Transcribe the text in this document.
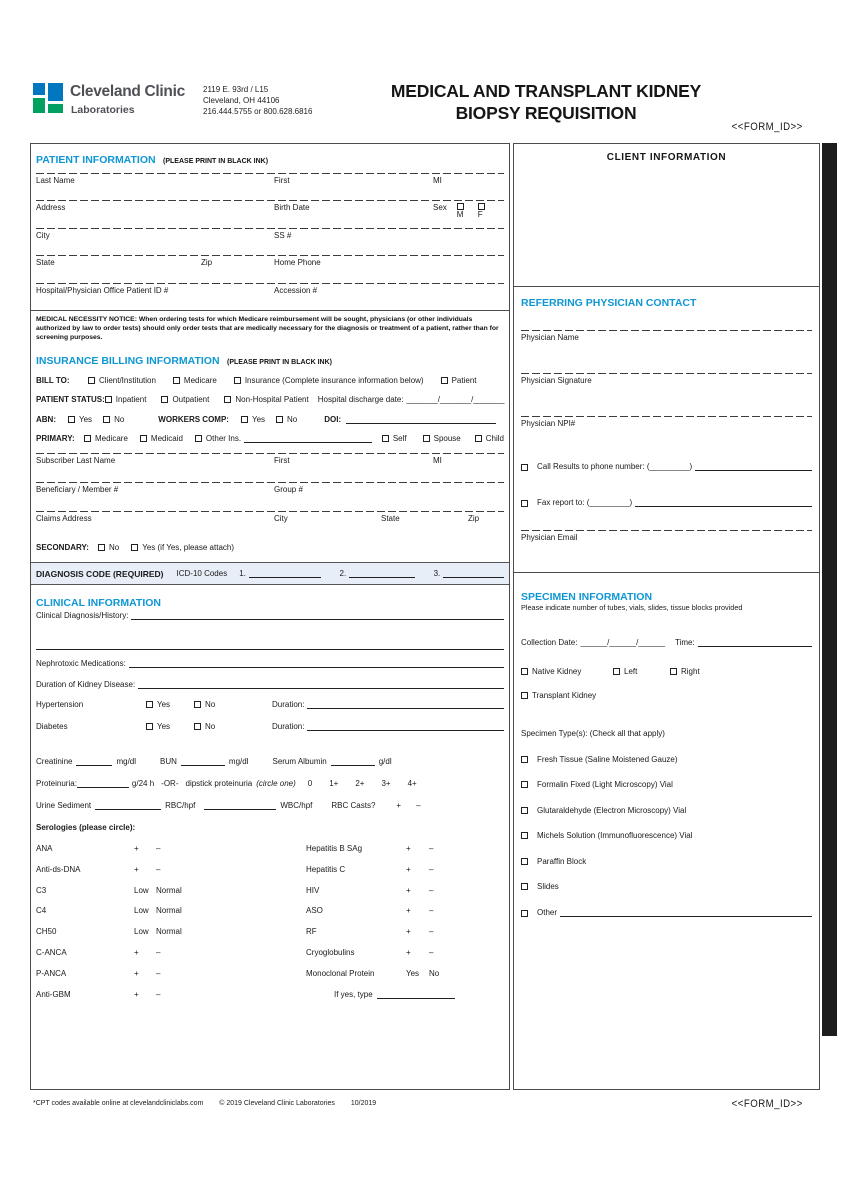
Cleveland Clinic
Laboratories
2119 E. 93rd / L15
Cleveland, OH 44106
216.444.5755 or 800.628.6816
MEDICAL AND TRANSPLANT KIDNEY
BIOPSY REQUISITION
<<FORM_ID>>
PATIENT INFORMATION (PLEASE PRINT IN BLACK INK)
Last Name	First	MI
Address	Birth Date	Sex
M	F
City	SS #
State	Zip	Home Phone
Hospital/Physician Office Patient ID #	Accession #
MEDICAL NECESSITY NOTICE: When ordering tests for which Medicare reimbursement will be sought, physicians (or other individuals authorized by law to order tests) should only order tests that are medically necessary for the diagnosis or treatment of a patient, rather than for screening purposes.
INSURANCE BILLING INFORMATION (PLEASE PRINT IN BLACK INK)
BILL TO:	Client/Institution	Medicare	Insurance (Complete insurance information below)	Patient
PATIENT STATUS:	Inpatient	Outpatient	Non-Hospital Patient Hospital discharge date: _______/_______/_______
ABN:	Yes	No	WORKERS COMP:	Yes	No	DOI:
PRIMARY:	Medicare	Medicaid	Other Ins.	Self	Spouse	Child
Subscriber Last Name	First	MI
Beneficiary / Member #	Group #
Claims Address	City	State	Zip
SECONDARY:	No	Yes (if Yes, please attach)
DIAGNOSIS CODE (REQUIRED) ICD-10 Codes 1.	2.	3.
CLINICAL INFORMATION
Clinical Diagnosis/History:
Nephrotoxic Medications:
Duration of Kidney Disease:
Hypertension	Yes	No	Duration:
Diabetes	Yes	No	Duration:
Creatinine	mg/dl	BUN	mg/dl	Serum Albumin	g/dl
Proteinuria:	g/24 h -OR- dipstick proteinuria (circle one) 0 1+ 2+ 3+ 4+
Urine Sediment	RBC/hpf	WBC/hpf RBC Casts?	+ –
Serologies (please circle):
ANA	+	–
Anti-ds-DNA	+	–
C3	Low Normal
C4	Low Normal
CH50	Low Normal
C-ANCA	+	–
P-ANCA	+	–
Anti-GBM	+	–
Hepatitis B SAg	+	–
Hepatitis C	+	–
HIV	+	–
ASO	+	–
RF	+	–
Cryoglobulins	+	–
Monoclonal Protein	Yes	No
If yes, type
CLIENT INFORMATION
REFERRING PHYSICIAN CONTACT
Physician Name
Physician Signature
Physician NPI#
Call Results to phone number: (_________)
Fax report to: (_________)
Physician Email
SPECIMEN INFORMATION
Please indicate number of tubes, vials, slides, tissue blocks provided
Collection Date: ______/______/______ Time:
Native Kidney	Left	Right
Transplant Kidney
Specimen Type(s): (Check all that apply)
Fresh Tissue (Saline Moistened Gauze)
Formalin Fixed (Light Microscopy) Vial
Glutaraldehyde (Electron Microscopy) Vial
Michels Solution (Immunofluorescence) Vial
Paraffin Block
Slides
Other
*CPT codes available online at clevelandcliniclabs.com © 2019 Cleveland Clinic Laboratories 10/2019	<<FORM_ID>>
